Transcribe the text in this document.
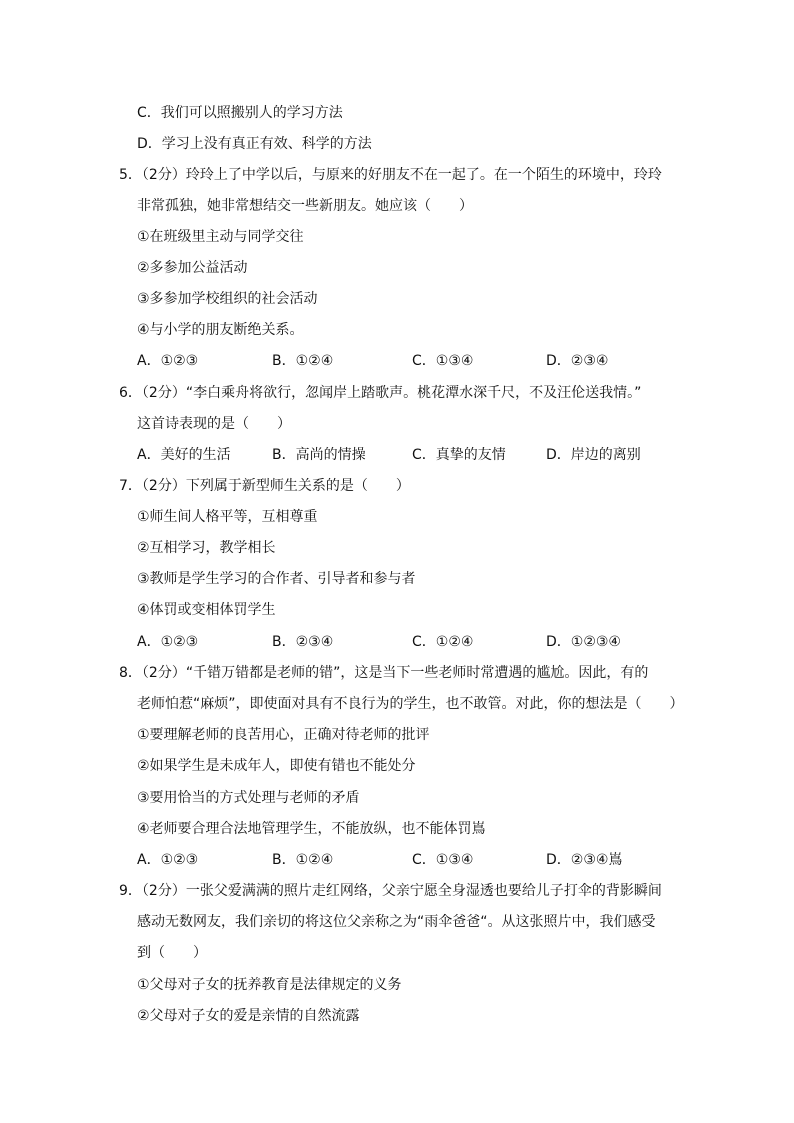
C．我们可以照搬别人的学习方法
D．学习上没有真正有效、科学的方法
5．（2分）玲玲上了中学以后，与原来的好朋友不在一起了。在一个陌生的环境中，玲玲
非常孤独，她非常想结交一些新朋友。她应该（　　）
①在班级里主动与同学交往
②多参加公益活动
③多参加学校组织的社会活动
④与小学的朋友断绝关系。
A．①②③	B．①②④	C．①③④	D．②③④
6．（2分）“李白乘舟将欲行，忽闻岸上踏歌声。桃花潭水深千尺，不及汪伦送我情。”
这首诗表现的是（　　）
A．美好的生活	B．高尚的情操	C．真挚的友情	D．岸边的离别
7．（2分）下列属于新型师生关系的是（　　）
①师生间人格平等，互相尊重
②互相学习，教学相长
③教师是学生学习的合作者、引导者和参与者
④体罚或变相体罚学生
A．①②③	B．②③④	C．①②④	D．①②③④
8．（2分）“千错万错都是老师的错”，这是当下一些老师时常遭遇的尴尬。因此，有的
老师怕惹“麻烦”，即使面对具有不良行为的学生，也不敢管。对此，你的想法是（　　）
①要理解老师的良苦用心，正确对待老师的批评
②如果学生是未成年人，即使有错也不能处分
③要用恰当的方式处理与老师的矛盾
④老师要合理合法地管理学生，不能放纵，也不能体罚嶌
A．①②③	B．①②④	C．①③④	D．②③④嶌
9．（2分）一张父爱满满的照片走红网络，父亲宁愿全身湿透也要给儿子打伞的背影瞬间
感动无数网友，我们亲切的将这位父亲称之为“雨伞爸爸“。从这张照片中，我们感受
到（　　）
①父母对子女的抚养教育是法律规定的义务
②父母对子女的爱是亲情的自然流露
